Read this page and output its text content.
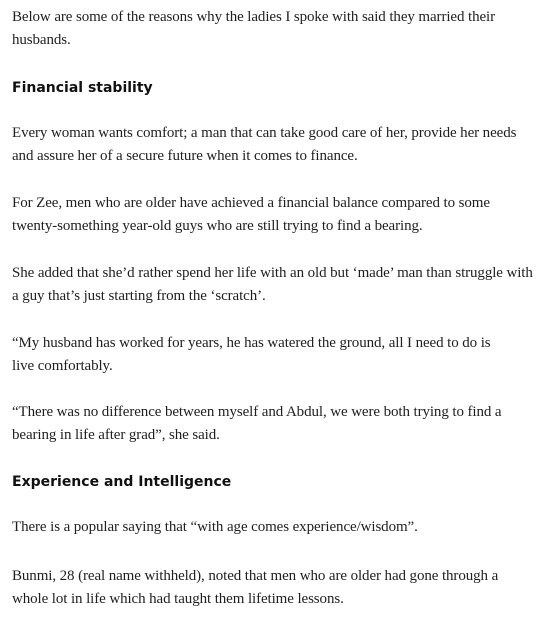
Below are some of the reasons why the ladies I spoke with said they married their husbands.

Financial stability

Every woman wants comfort; a man that can take good care of her, provide her needs and assure her of a secure future when it comes to finance.

For Zee, men who are older have achieved a financial balance compared to some twenty-something year-old guys who are still trying to find a bearing.

She added that she’d rather spend her life with an old but ‘made’ man than struggle with a guy that’s just starting from the ‘scratch’.

“My husband has worked for years, he has watered the ground, all I need to do is live comfortably.

“There was no difference between myself and Abdul, we were both trying to find a bearing in life after grad”, she said.

Experience and Intelligence

There is a popular saying that “with age comes experience/wisdom”.

Bunmi, 28 (real name withheld), noted that men who are older had gone through a whole lot in life which had taught them lifetime lessons.
